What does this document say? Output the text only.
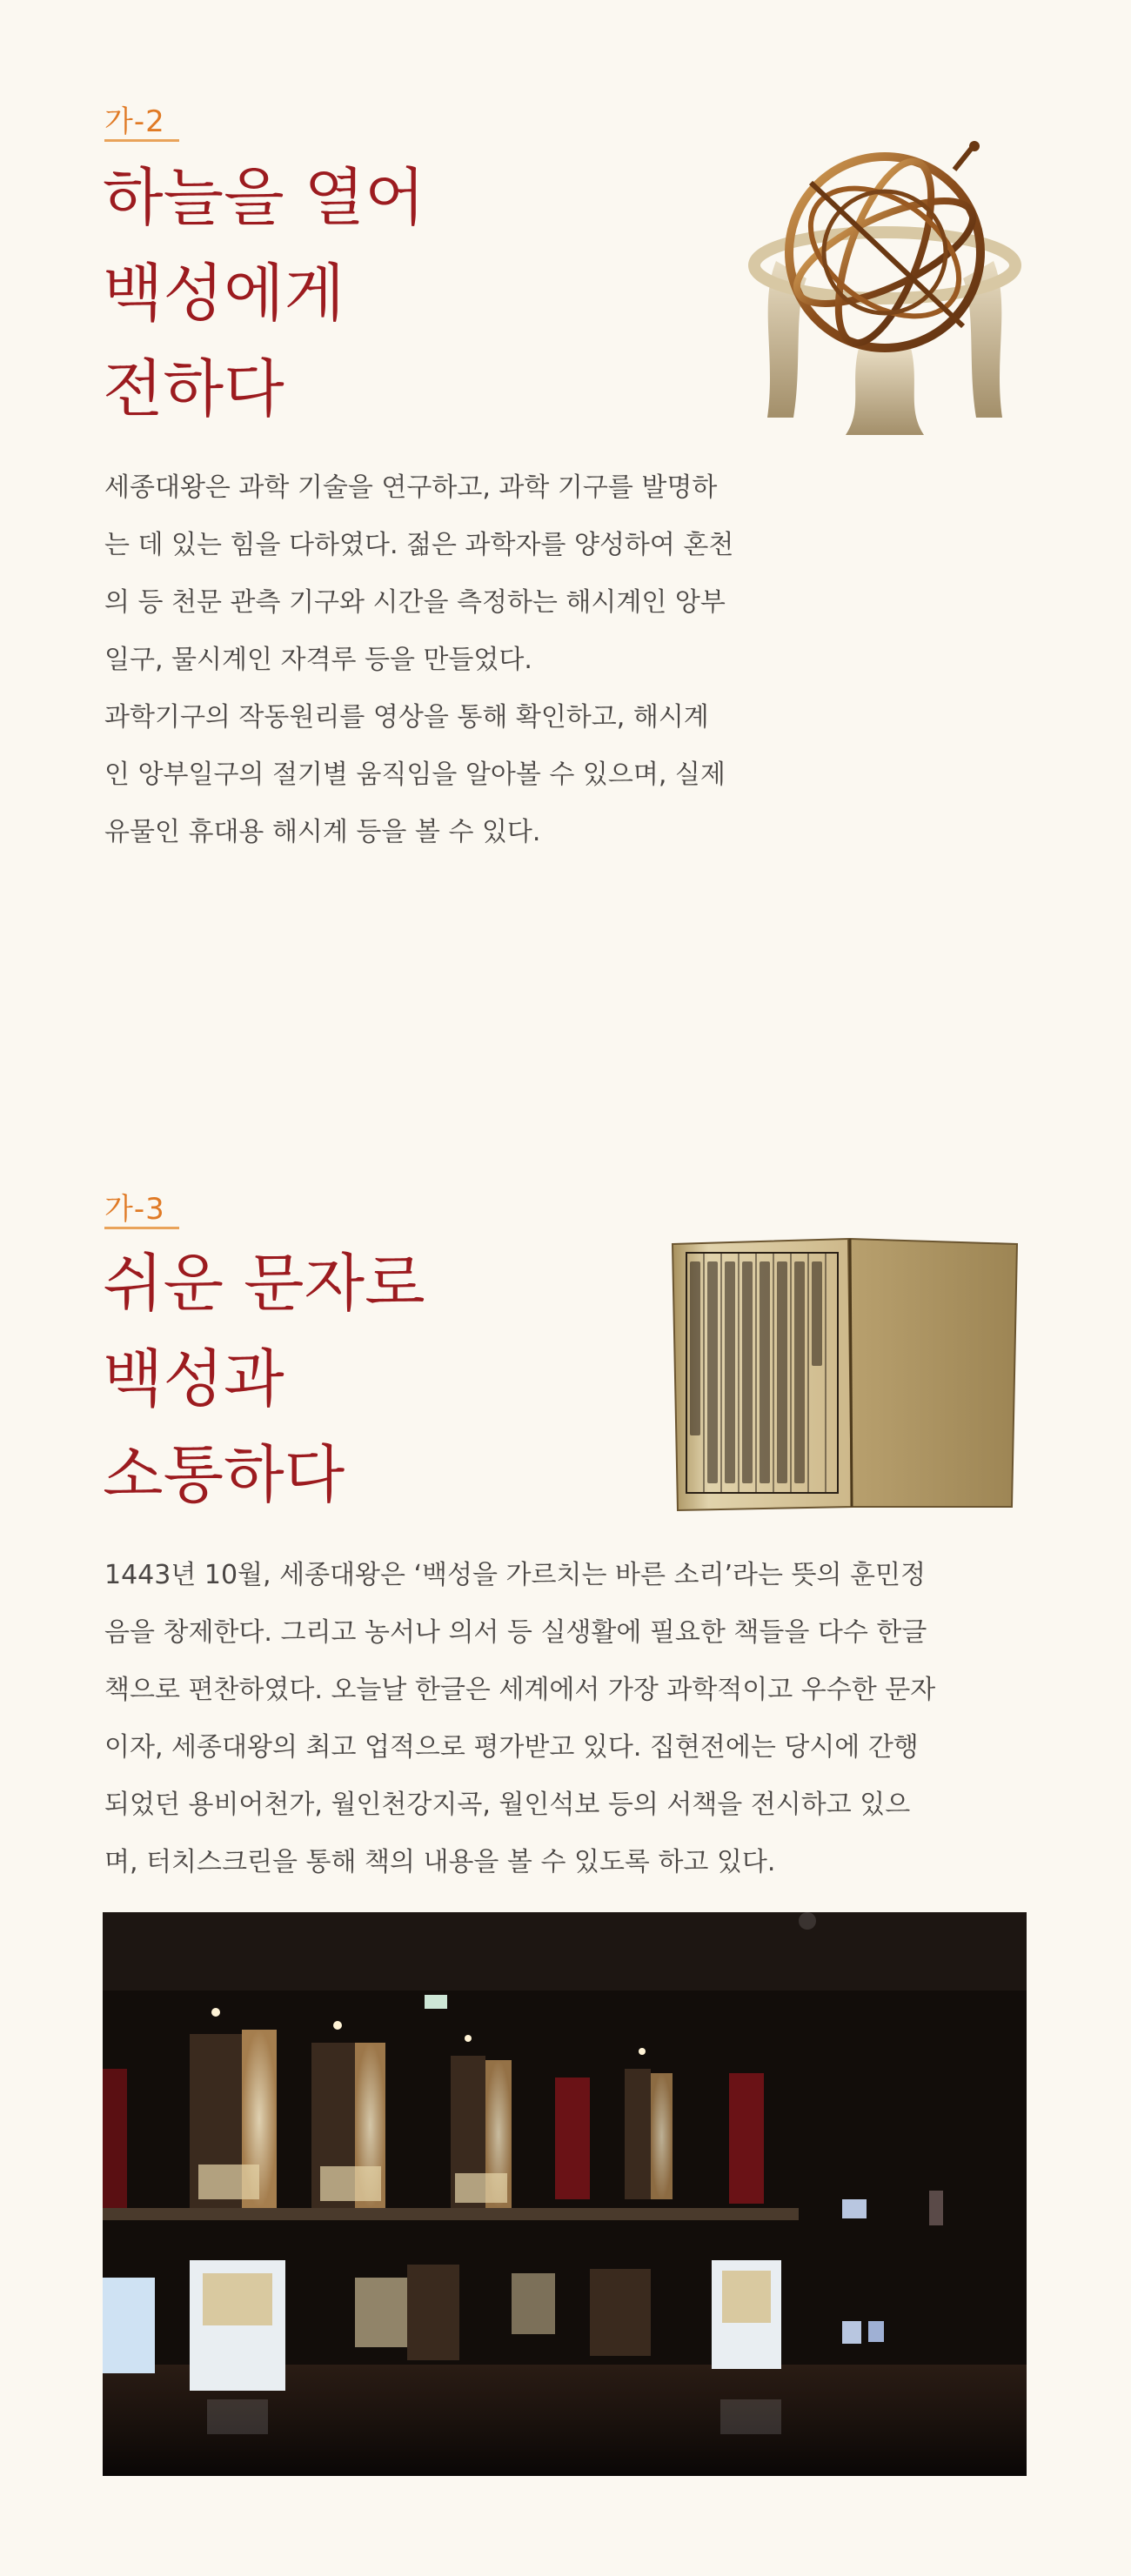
가-2
하늘을 열어
백성에게
전하다

세종대왕은 과학 기술을 연구하고, 과학 기구를 발명하
는 데 있는 힘을 다하였다. 젊은 과학자를 양성하여 혼천
의 등 천문 관측 기구와 시간을 측정하는 해시계인 앙부
일구, 물시계인 자격루 등을 만들었다.
과학기구의 작동원리를 영상을 통해 확인하고, 해시계
인 앙부일구의 절기별 움직임을 알아볼 수 있으며, 실제
유물인 휴대용 해시계 등을 볼 수 있다.

가-3
쉬운 문자로
백성과
소통하다

1443년 10월, 세종대왕은 ‘백성을 가르치는 바른 소리’라는 뜻의 훈민정
음을 창제한다. 그리고 농서나 의서 등 실생활에 필요한 책들을 다수 한글
책으로 편찬하였다. 오늘날 한글은 세계에서 가장 과학적이고 우수한 문자
이자, 세종대왕의 최고 업적으로 평가받고 있다. 집현전에는 당시에 간행
되었던 용비어천가, 월인천강지곡, 월인석보 등의 서책을 전시하고 있으
며, 터치스크린을 통해 책의 내용을 볼 수 있도록 하고 있다.
